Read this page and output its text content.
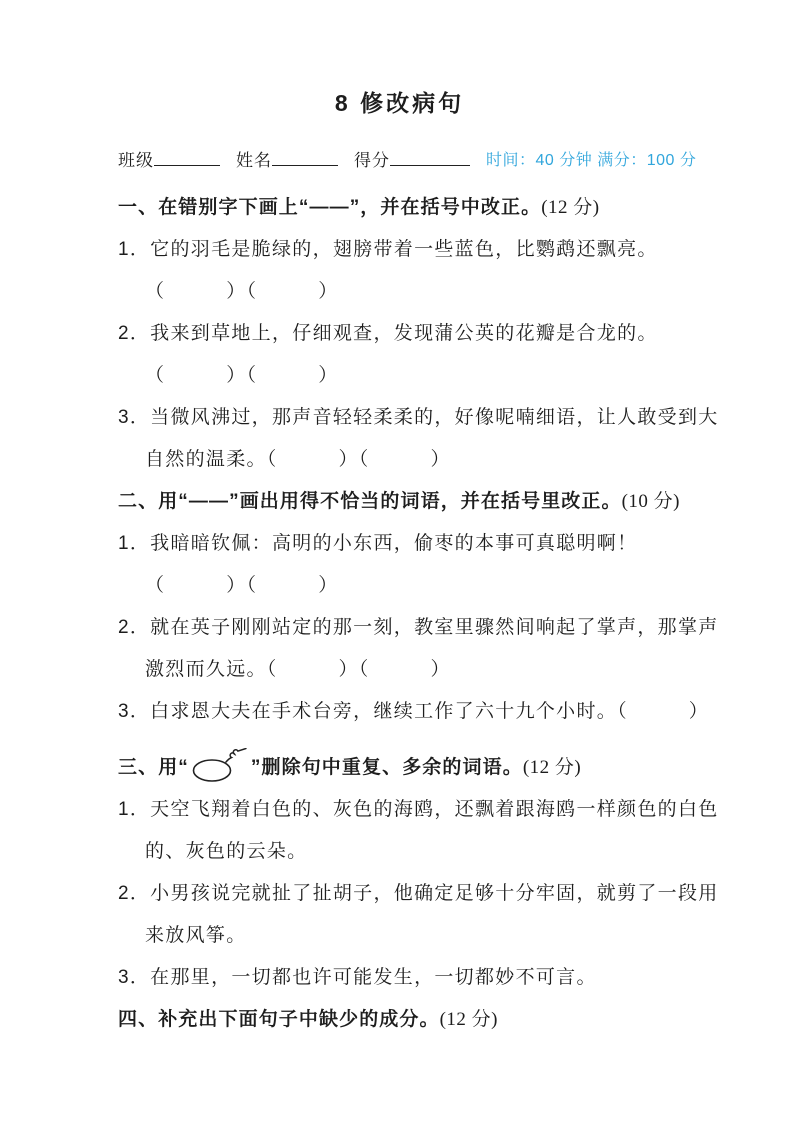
8 修改病句
班级	姓名	得分	时间：40 分钟 满分：100 分
一、在错别字下画上“——”，并在括号中改正。(12 分)
1．它的羽毛是脆绿的，翅膀带着一些蓝色，比鹦鹉还飘亮。
（　　　）（　　　）
2．我来到草地上，仔细观查，发现蒲公英的花瓣是合龙的。
（　　　）（　　　）
3．当微风沸过，那声音轻轻柔柔的，好像呢喃细语，让人敢受到大
自然的温柔。（　　　）（　　　）
二、用“——”画出用得不恰当的词语，并在括号里改正。(10 分)
1．我暗暗钦佩：高明的小东西，偷枣的本事可真聪明啊！
（　　　）（　　　）
2．就在英子刚刚站定的那一刻，教室里骤然间响起了掌声，那掌声
激烈而久远。（　　　）（　　　）
3．白求恩大夫在手术台旁，继续工作了六十九个小时。（　　　）
三、用“	”删除句中重复、多余的词语。(12 分)
1．天空飞翔着白色的、灰色的海鸥，还飘着跟海鸥一样颜色的白色
的、灰色的云朵。
2．小男孩说完就扯了扯胡子，他确定足够十分牢固，就剪了一段用
来放风筝。
3．在那里，一切都也许可能发生，一切都妙不可言。
四、补充出下面句子中缺少的成分。(12 分)
